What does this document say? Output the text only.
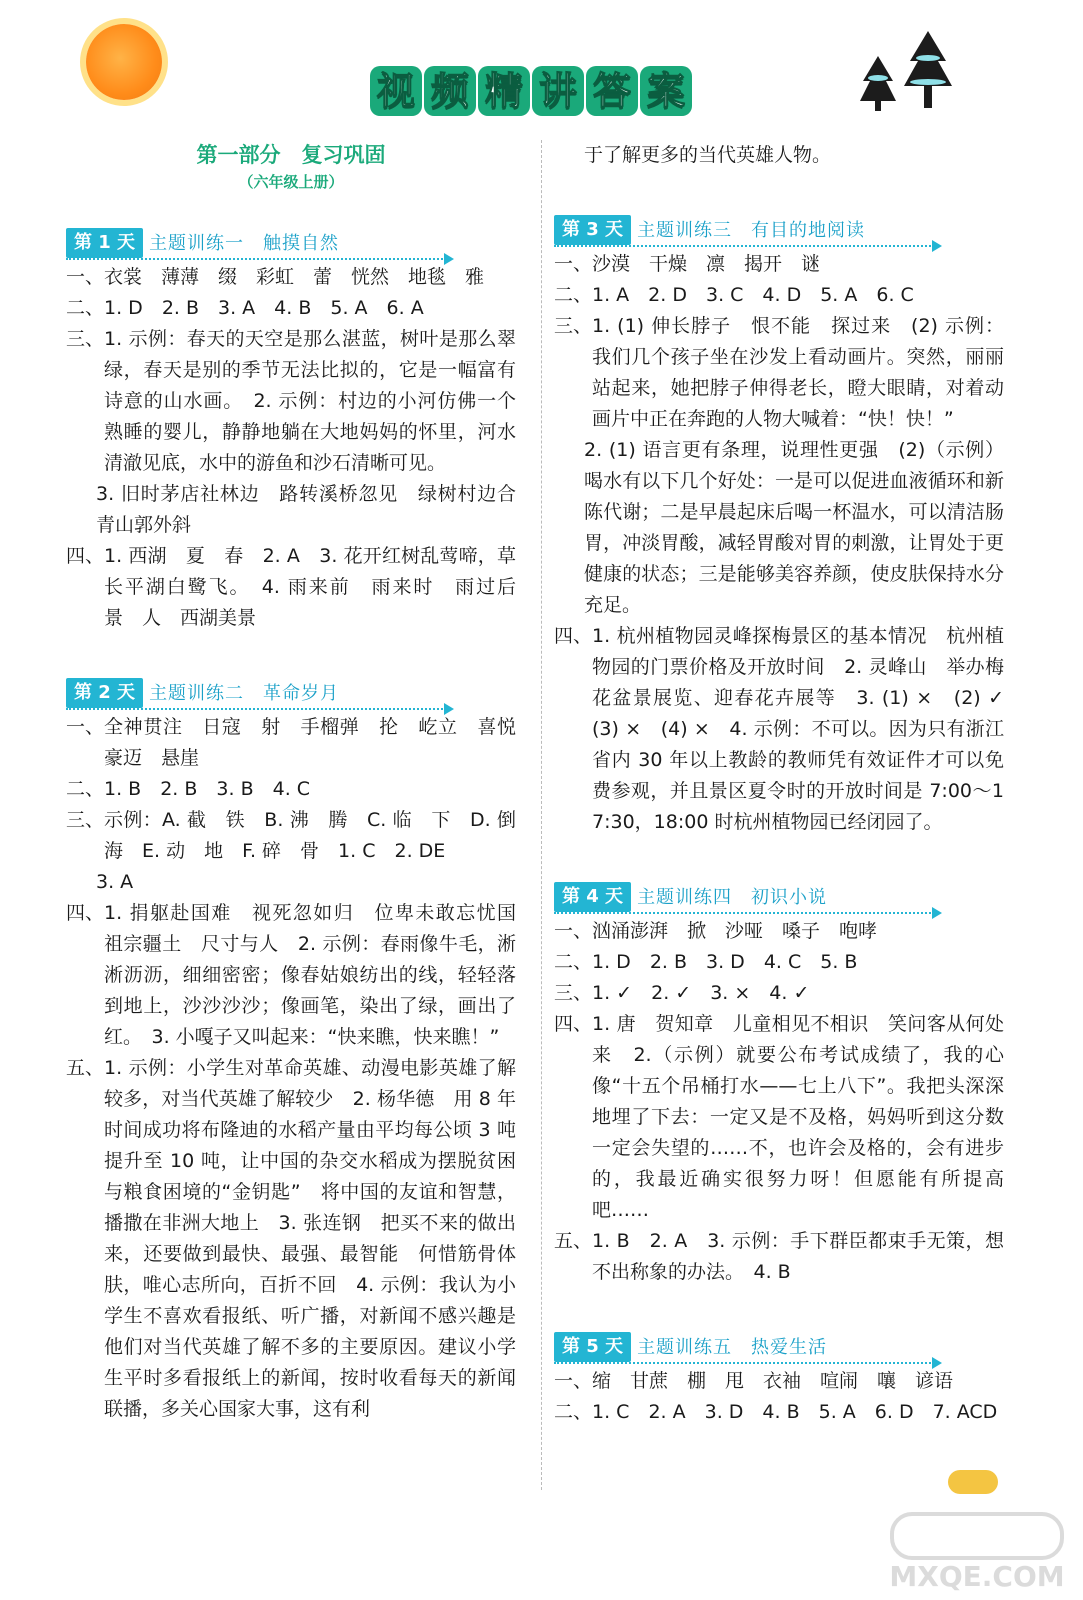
视 频 精 讲 答 案
第一部分　复习巩固
（六年级上册）
第 1 天 主题训练一　触摸自然
一、 衣裳　薄薄　缀　彩虹　蕾　恍然　地毯　雅
二、 1. D　2. B　3. A　4. B　5. A　6. A
三、 1. 示例：春天的天空是那么湛蓝，树叶是那么翠绿，春天是别的季节无法比拟的，它是一幅富有诗意的山水画。　2. 示例：村边的小河仿佛一个熟睡的婴儿，静静地躺在大地妈妈的怀里，河水清澈见底，水中的游鱼和沙石清晰可见。
3. 旧时茅店社林边　路转溪桥忽见　绿树村边合　青山郭外斜
四、 1. 西湖　夏　春　2. A　3. 花开红树乱莺啼，草长平湖白鹭飞。　4. 雨来前　雨来时　雨过后　景　人　西湖美景
第 2 天 主题训练二　革命岁月
一、 全神贯注　日寇　射　手榴弹　抡　屹立　喜悦　豪迈　悬崖
二、 1. B　2. B　3. B　4. C
三、 示例：A. 截　铁　B. 沸　腾　C. 临　下　D. 倒　海　E. 动　地　F. 碎　骨　1. C　2. DE
3. A
四、 1. 捐躯赴国难　视死忽如归　位卑未敢忘忧国　祖宗疆土　尺寸与人　2. 示例：春雨像牛毛，淅淅沥沥，细细密密；像春姑娘纺出的线，轻轻落到地上，沙沙沙沙；像画笔，染出了绿，画出了红。　3. 小嘎子又叫起来：“快来瞧，快来瞧！”
五、 1. 示例：小学生对革命英雄、动漫电影英雄了解较多，对当代英雄了解较少　2. 杨华德　用 8 年时间成功将布隆迪的水稻产量由平均每公顷 3 吨提升至 10 吨，让中国的杂交水稻成为摆脱贫困与粮食困境的“金钥匙”　将中国的友谊和智慧，播撒在非洲大地上　3. 张连钢　把买不来的做出来，还要做到最快、最强、最智能　何惜筋骨体肤，唯心志所向，百折不回　4. 示例：我认为小学生不喜欢看报纸、听广播，对新闻不感兴趣是他们对当代英雄了解不多的主要原因。建议小学生平时多看报纸上的新闻，按时收看每天的新闻联播，多关心国家大事，这有利
于了解更多的当代英雄人物。
第 3 天 主题训练三　有目的地阅读
一、 沙漠　干燥　凛　揭开　谜
二、 1. A　2. D　3. C　4. D　5. A　6. C
三、 1. (1) 伸长脖子　恨不能　探过来　(2) 示例：我们几个孩子坐在沙发上看动画片。突然，丽丽站起来，她把脖子伸得老长，瞪大眼睛，对着动画片中正在奔跑的人物大喊着：“快！快！”
2. (1) 语言更有条理，说理性更强　(2)（示例）喝水有以下几个好处：一是可以促进血液循环和新陈代谢；二是早晨起床后喝一杯温水，可以清洁肠胃，冲淡胃酸，减轻胃酸对胃的刺激，让胃处于更健康的状态；三是能够美容养颜，使皮肤保持水分充足。
四、 1. 杭州植物园灵峰探梅景区的基本情况　杭州植物园的门票价格及开放时间　2. 灵峰山　举办梅花盆景展览、迎春花卉展等　3. (1) ×　(2) ✓　(3) ×　(4) ×　4. 示例：不可以。因为只有浙江省内 30 年以上教龄的教师凭有效证件才可以免费参观，并且景区夏令时的开放时间是 7:00～17:30，18:00 时杭州植物园已经闭园了。
第 4 天 主题训练四　初识小说
一、 汹涌澎湃　掀　沙哑　嗓子　咆哮
二、 1. D　2. B　3. D　4. C　5. B
三、 1. ✓　2. ✓　3. ×　4. ✓
四、 1. 唐　贺知章　儿童相见不相识　笑问客从何处来　2.（示例）就要公布考试成绩了，我的心像“十五个吊桶打水——七上八下”。我把头深深地埋了下去：一定又是不及格，妈妈听到这分数一定会失望的……不，也许会及格的，会有进步的，我最近确实很努力呀！但愿能有所提高吧……
五、 1. B　2. A　3. 示例：手下群臣都束手无策，想不出称象的办法。　4. B
第 5 天 主题训练五　热爱生活
一、 缩　甘蔗　棚　甩　衣袖　喧闹　嚷　谚语
二、 1. C　2. A　3. D　4. B　5. A　6. D　7. ACD
MXQE.COM
